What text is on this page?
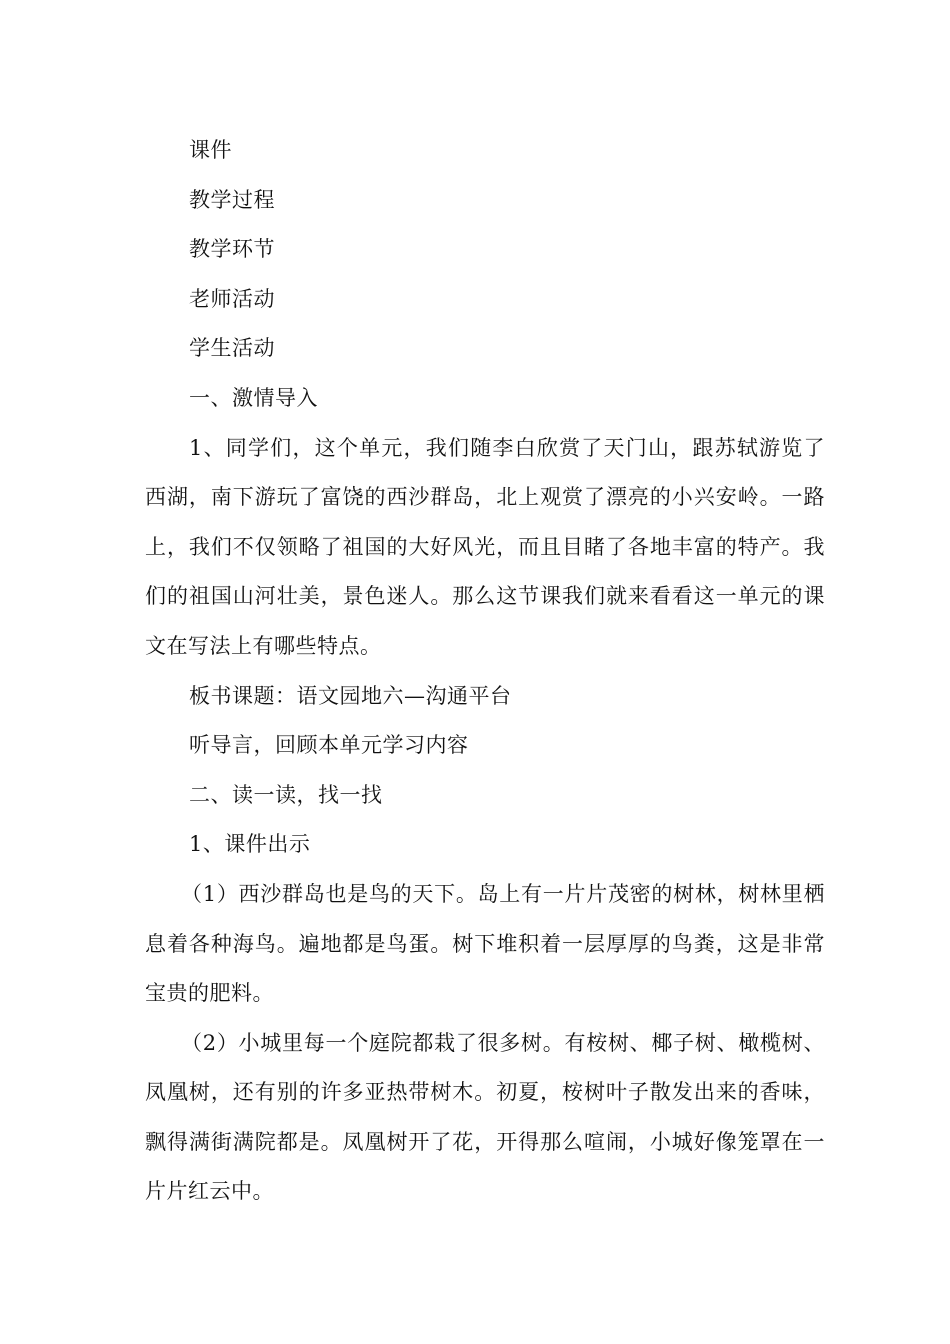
课件

教学过程

教学环节

老师活动

学生活动

一、激情导入

1、同学们，这个单元，我们随李白欣赏了天门山，跟苏轼游览了西湖，南下游玩了富饶的西沙群岛，北上观赏了漂亮的小兴安岭。一路上，我们不仅领略了祖国的大好风光，而且目睹了各地丰富的特产。我们的祖国山河壮美，景色迷人。那么这节课我们就来看看这一单元的课文在写法上有哪些特点。

板书课题：语文园地六—沟通平台

听导言，回顾本单元学习内容

二、读一读，找一找

1、课件出示

（1）西沙群岛也是鸟的天下。岛上有一片片茂密的树林，树林里栖息着各种海鸟。遍地都是鸟蛋。树下堆积着一层厚厚的鸟粪，这是非常宝贵的肥料。

（2）小城里每一个庭院都栽了很多树。有桉树、椰子树、橄榄树、凤凰树，还有别的许多亚热带树木。初夏，桉树叶子散发出来的香味，飘得满街满院都是。凤凰树开了花，开得那么喧闹，小城好像笼罩在一片片红云中。
